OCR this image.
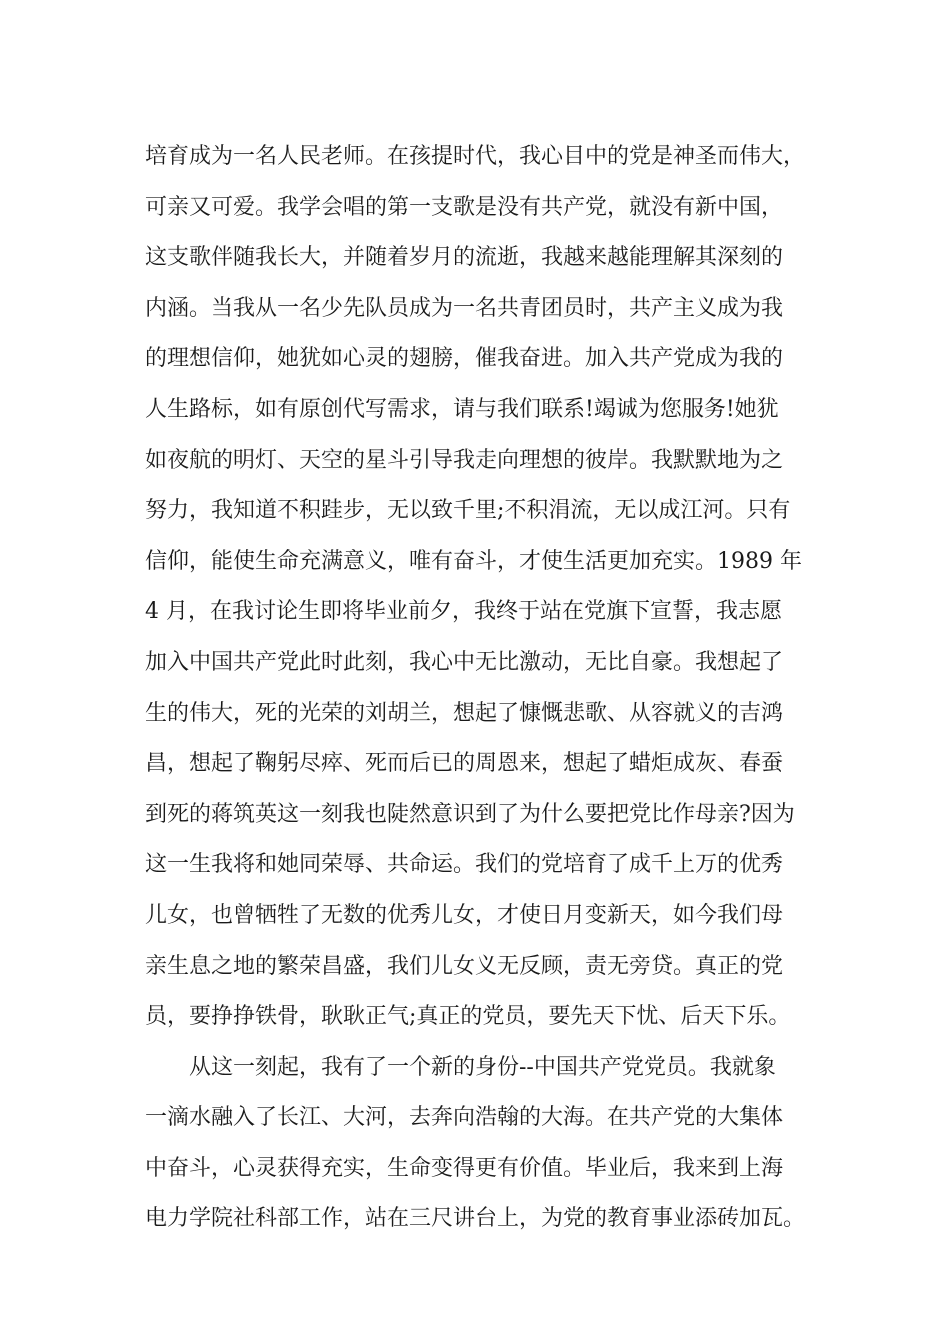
培育成为一名人民老师。在孩提时代，我心目中的党是神圣而伟大，
可亲又可爱。我学会唱的第一支歌是没有共产党，就没有新中国，
这支歌伴随我长大，并随着岁月的流逝，我越来越能理解其深刻的
内涵。当我从一名少先队员成为一名共青团员时，共产主义成为我
的理想信仰，她犹如心灵的翅膀，催我奋进。加入共产党成为我的
人生路标，如有原创代写需求，请与我们联系!竭诚为您服务!她犹
如夜航的明灯、天空的星斗引导我走向理想的彼岸。我默默地为之
努力，我知道不积跬步，无以致千里;不积涓流，无以成江河。只有
信仰，能使生命充满意义，唯有奋斗，才使生活更加充实。1989 年
4 月，在我讨论生即将毕业前夕，我终于站在党旗下宣誓，我志愿
加入中国共产党此时此刻，我心中无比激动，无比自豪。我想起了
生的伟大，死的光荣的刘胡兰，想起了慷慨悲歌、从容就义的吉鸿
昌，想起了鞠躬尽瘁、死而后已的周恩来，想起了蜡炬成灰、春蚕
到死的蒋筑英这一刻我也陡然意识到了为什么要把党比作母亲?因为
这一生我将和她同荣辱、共命运。我们的党培育了成千上万的优秀
儿女，也曾牺牲了无数的优秀儿女，才使日月变新天，如今我们母
亲生息之地的繁荣昌盛，我们儿女义无反顾，责无旁贷。真正的党
员，要挣挣铁骨，耿耿正气;真正的党员，要先天下忧、后天下乐。
从这一刻起，我有了一个新的身份--中国共产党党员。我就象
一滴水融入了长江、大河，去奔向浩翰的大海。在共产党的大集体
中奋斗，心灵获得充实，生命变得更有价值。毕业后，我来到上海
电力学院社科部工作，站在三尺讲台上，为党的教育事业添砖加瓦。
